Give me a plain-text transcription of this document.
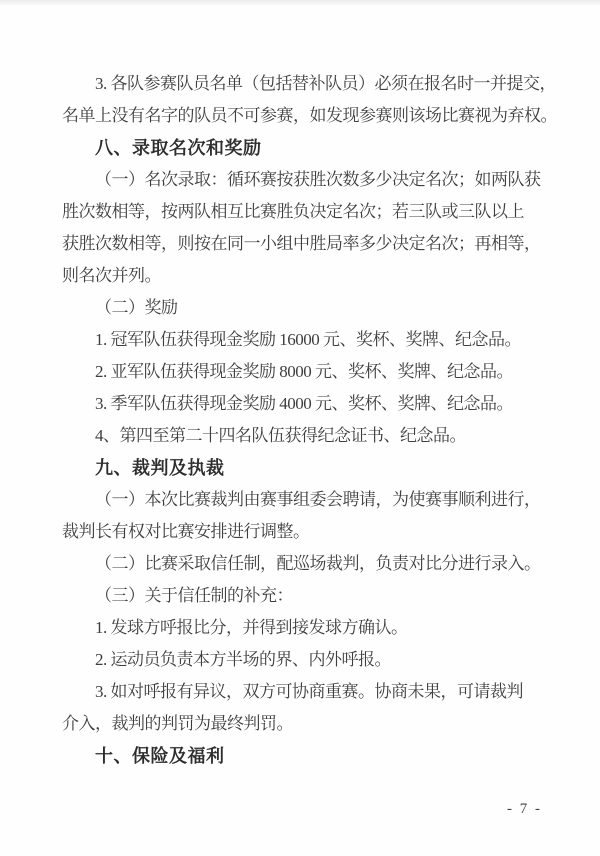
3. 各队参赛队员名单（包括替补队员）必须在报名时一并提交，
名单上没有名字的队员不可参赛，如发现参赛则该场比赛视为弃权。
八、录取名次和奖励
（一）名次录取：循环赛按获胜次数多少决定名次；如两队获
胜次数相等，按两队相互比赛胜负决定名次；若三队或三队以上
获胜次数相等，则按在同一小组中胜局率多少决定名次；再相等，
则名次并列。
（二）奖励
1. 冠军队伍获得现金奖励 16000 元、奖杯、奖牌、纪念品。
2. 亚军队伍获得现金奖励 8000 元、奖杯、奖牌、纪念品。
3. 季军队伍获得现金奖励 4000 元、奖杯、奖牌、纪念品。
4、第四至第二十四名队伍获得纪念证书、纪念品。
九、裁判及执裁
（一）本次比赛裁判由赛事组委会聘请，为使赛事顺利进行，
裁判长有权对比赛安排进行调整。
（二）比赛采取信任制，配巡场裁判，负责对比分进行录入。
（三）关于信任制的补充：
1. 发球方呼报比分，并得到接发球方确认。
2. 运动员负责本方半场的界、内外呼报。
3. 如对呼报有异议，双方可协商重赛。协商未果，可请裁判
介入，裁判的判罚为最终判罚。
十、保险及福利
- 7 -
